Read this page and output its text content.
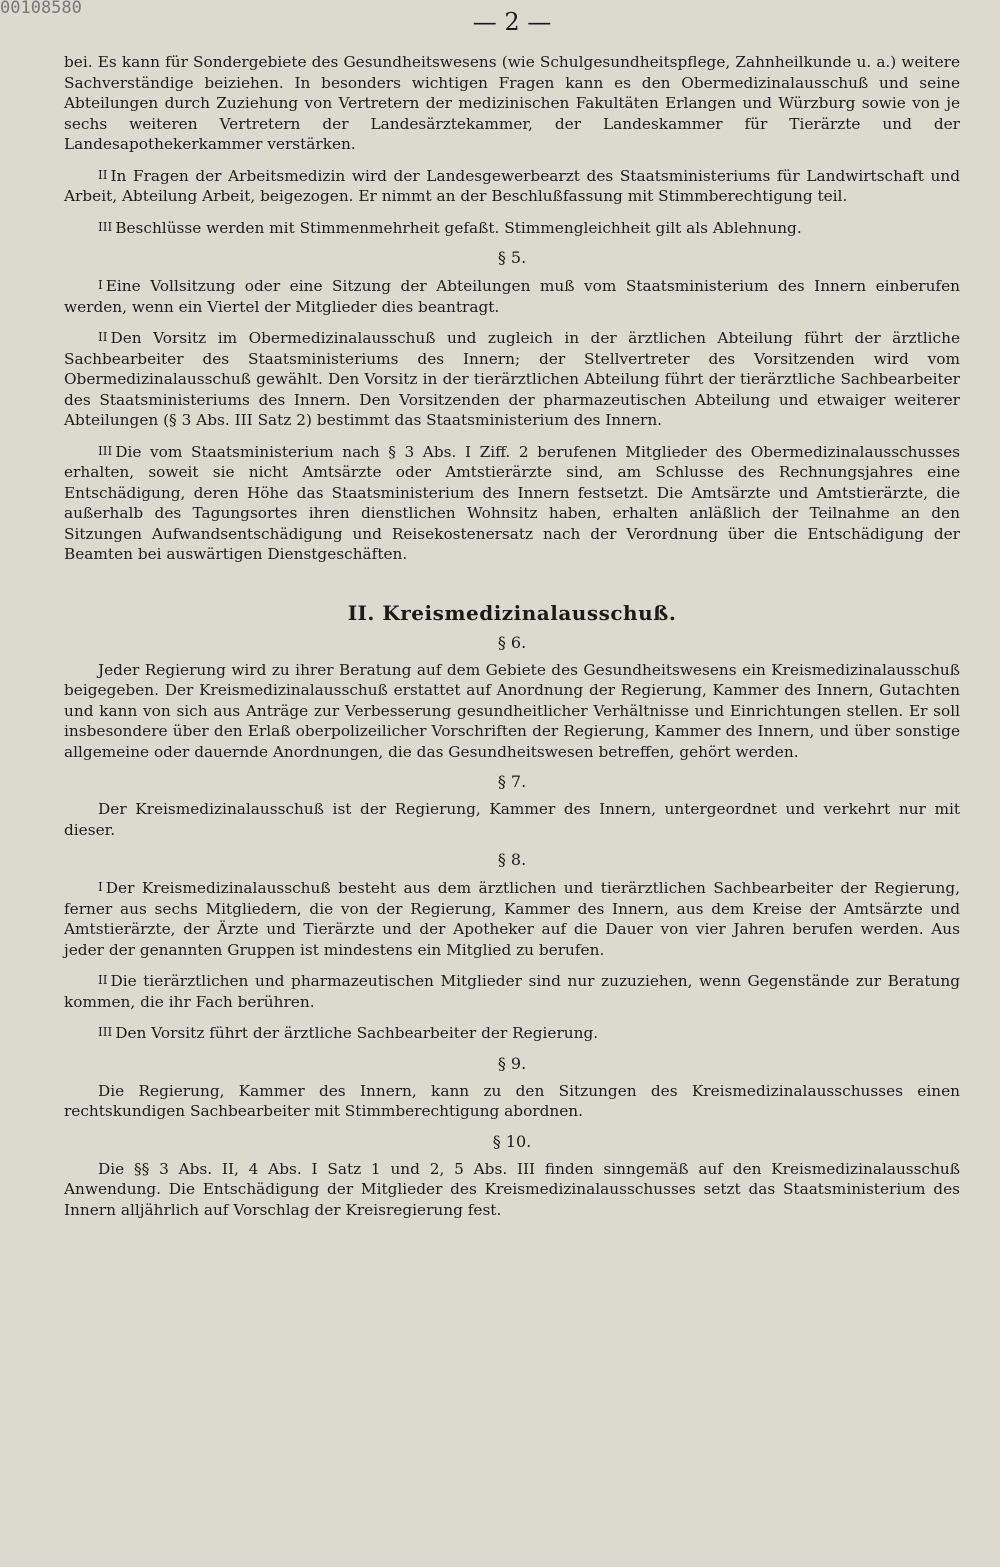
00108580	— 2 —

bei. Es kann für Sondergebiete des Gesundheitswesens (wie Schulgesundheitspflege, Zahnheilkunde u. a.) weitere Sachverständige beiziehen. In besonders wichtigen Fragen kann es den Obermedizinalausschuß und seine Abteilungen durch Zuziehung von Vertretern der medizinischen Fakultäten Erlangen und Würzburg sowie von je sechs weiteren Vertretern der Landesärztekammer, der Landeskammer für Tierärzte und der Landesapothekerkammer verstärken.

II In Fragen der Arbeitsmedizin wird der Landesgewerbearzt des Staatsministeriums für Landwirtschaft und Arbeit, Abteilung Arbeit, beigezogen. Er nimmt an der Beschlußfassung mit Stimmberechtigung teil.

III Beschlüsse werden mit Stimmenmehrheit gefaßt. Stimmengleichheit gilt als Ablehnung.

§ 5.

I Eine Vollsitzung oder eine Sitzung der Abteilungen muß vom Staatsministerium des Innern einberufen werden, wenn ein Viertel der Mitglieder dies beantragt.

II Den Vorsitz im Obermedizinalausschuß und zugleich in der ärztlichen Abteilung führt der ärztliche Sachbearbeiter des Staatsministeriums des Innern; der Stellvertreter des Vorsitzenden wird vom Obermedizinalausschuß gewählt. Den Vorsitz in der tierärztlichen Abteilung führt der tierärztliche Sachbearbeiter des Staatsministeriums des Innern. Den Vorsitzenden der pharmazeutischen Abteilung und etwaiger weiterer Abteilungen (§ 3 Abs. III Satz 2) bestimmt das Staatsministerium des Innern.

III Die vom Staatsministerium nach § 3 Abs. I Ziff. 2 berufenen Mitglieder des Obermedizinalausschusses erhalten, soweit sie nicht Amtsärzte oder Amtstierärzte sind, am Schlusse des Rechnungsjahres eine Entschädigung, deren Höhe das Staatsministerium des Innern festsetzt. Die Amtsärzte und Amtstierärzte, die außerhalb des Tagungsortes ihren dienstlichen Wohnsitz haben, erhalten anläßlich der Teilnahme an den Sitzungen Aufwandsentschädigung und Reisekostenersatz nach der Verordnung über die Entschädigung der Beamten bei auswärtigen Dienstgeschäften.

II. Kreismedizinalausschuß.
§ 6.

Jeder Regierung wird zu ihrer Beratung auf dem Gebiete des Gesundheitswesens ein Kreismedizinalausschuß beigegeben. Der Kreismedizinalausschuß erstattet auf Anordnung der Regierung, Kammer des Innern, Gutachten und kann von sich aus Anträge zur Verbesserung gesundheitlicher Verhältnisse und Einrichtungen stellen. Er soll insbesondere über den Erlaß oberpolizeilicher Vorschriften der Regierung, Kammer des Innern, und über sonstige allgemeine oder dauernde Anordnungen, die das Gesundheitswesen betreffen, gehört werden.

§ 7.

Der Kreismedizinalausschuß ist der Regierung, Kammer des Innern, untergeordnet und verkehrt nur mit dieser.

§ 8.

I Der Kreismedizinalausschuß besteht aus dem ärztlichen und tierärztlichen Sachbearbeiter der Regierung, ferner aus sechs Mitgliedern, die von der Regierung, Kammer des Innern, aus dem Kreise der Amtsärzte und Amtstierärzte, der Ärzte und Tierärzte und der Apotheker auf die Dauer von vier Jahren berufen werden. Aus jeder der genannten Gruppen ist mindestens ein Mitglied zu berufen.

II Die tierärztlichen und pharmazeutischen Mitglieder sind nur zuzuziehen, wenn Gegenstände zur Beratung kommen, die ihr Fach berühren.

III Den Vorsitz führt der ärztliche Sachbearbeiter der Regierung.

§ 9.

Die Regierung, Kammer des Innern, kann zu den Sitzungen des Kreismedizinalausschusses einen rechtskundigen Sachbearbeiter mit Stimmberechtigung abordnen.

§ 10.

Die §§ 3 Abs. II, 4 Abs. I Satz 1 und 2, 5 Abs. III finden sinngemäß auf den Kreismedizinalausschuß Anwendung. Die Entschädigung der Mitglieder des Kreismedizinalausschusses setzt das Staatsministerium des Innern alljährlich auf Vorschlag der Kreisregierung fest.
